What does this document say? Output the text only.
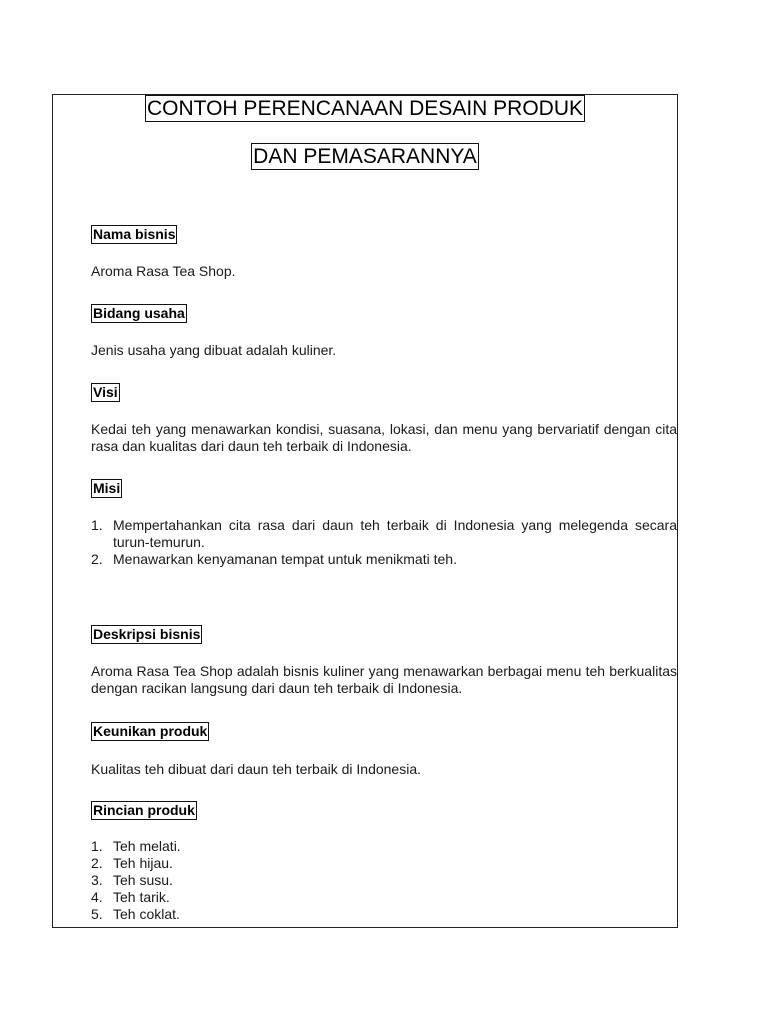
CONTOH PERENCANAAN DESAIN PRODUK
DAN PEMASARANNYA
Nama bisnis
Aroma Rasa Tea Shop.
Bidang usaha
Jenis usaha yang dibuat adalah kuliner.
Visi
Kedai teh yang menawarkan kondisi, suasana, lokasi, dan menu yang bervariatif dengan cita rasa dan kualitas dari daun teh terbaik di Indonesia.
Misi
1. Mempertahankan cita rasa dari daun teh terbaik di Indonesia yang melegenda secara turun-temurun.
2. Menawarkan kenyamanan tempat untuk menikmati teh.
Deskripsi bisnis
Aroma Rasa Tea Shop adalah bisnis kuliner yang menawarkan berbagai menu teh berkualitas dengan racikan langsung dari daun teh terbaik di Indonesia.
Keunikan produk
Kualitas teh dibuat dari daun teh terbaik di Indonesia.
Rincian produk
1. Teh melati.
2. Teh hijau.
3. Teh susu.
4. Teh tarik.
5. Teh coklat.
